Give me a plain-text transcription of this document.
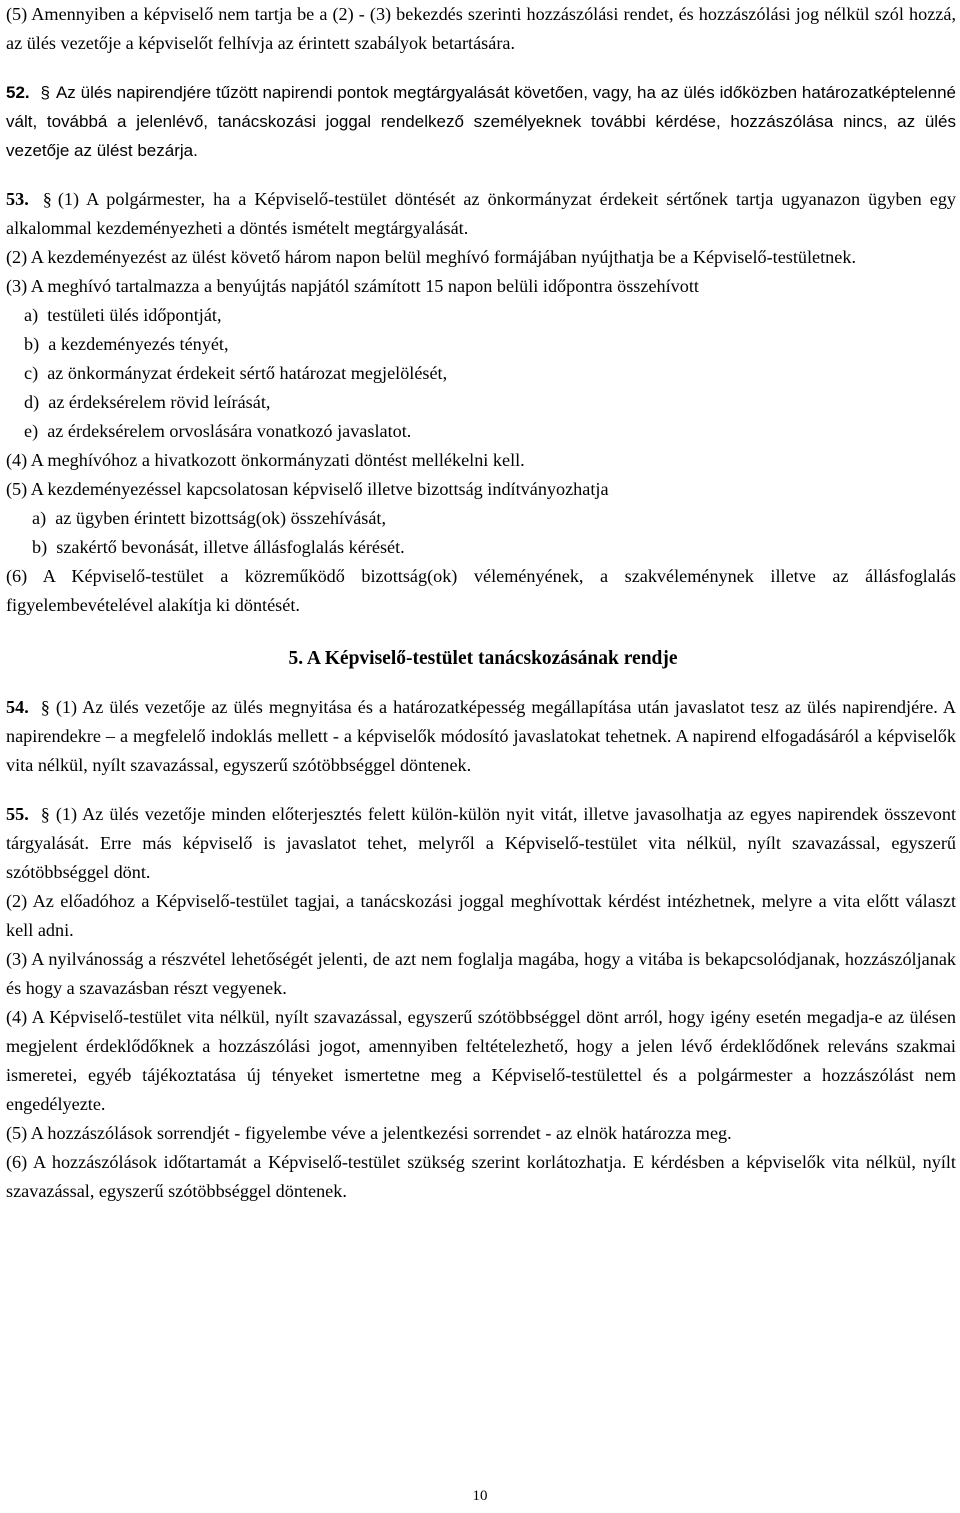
(5) Amennyiben a képviselő nem tartja be a (2) - (3) bekezdés szerinti hozzászólási rendet, és hozzászólási jog nélkül szól hozzá, az ülés vezetője a képviselőt felhívja az érintett szabályok betartására.

52. § Az ülés napirendjére tűzött napirendi pontok megtárgyalását követően, vagy, ha az ülés időközben határozatképtelenné vált, továbbá a jelenlévő, tanácskozási joggal rendelkező személyeknek további kérdése, hozzászólása nincs, az ülés vezetője az ülést bezárja.

53. § (1) A polgármester, ha a Képviselő-testület döntését az önkormányzat érdekeit sértőnek tartja ugyanazon ügyben egy alkalommal kezdeményezheti a döntés ismételt megtárgyalását.

(2) A kezdeményezést az ülést követő három napon belül meghívó formájában nyújthatja be a Képviselő-testületnek.

(3) A meghívó tartalmazza a benyújtás napjától számított 15 napon belüli időpontra összehívott

a)  testületi ülés időpontját,
b)  a kezdeményezés tényét,
c)  az önkormányzat érdekeit sértő határozat megjelölését,
d)  az érdeksérelem rövid leírását,
e)  az érdeksérelem orvoslására vonatkozó javaslatot.

(4) A meghívóhoz a hivatkozott önkormányzati döntést mellékelni kell.

(5) A kezdeményezéssel kapcsolatosan képviselő illetve bizottság indítványozhatja

a)  az ügyben érintett bizottság(ok) összehívását,
b)  szakértő bevonását, illetve állásfoglalás kérését.

(6) A Képviselő-testület a közreműködő bizottság(ok) véleményének, a szakvéleménynek illetve az állásfoglalás figyelembevételével alakítja ki döntését.

5. A Képviselő-testület tanácskozásának rendje

54. § (1) Az ülés vezetője az ülés megnyitása és a határozatképesség megállapítása után javaslatot tesz az ülés napirendjére. A napirendekre – a megfelelő indoklás mellett - a képviselők módosító javaslatokat tehetnek. A napirend elfogadásáról a képviselők vita nélkül, nyílt szavazással, egyszerű szótöbbséggel döntenek.

55. § (1) Az ülés vezetője minden előterjesztés felett külön-külön nyit vitát, illetve javasolhatja az egyes napirendek összevont tárgyalását. Erre más képviselő is javaslatot tehet, melyről a Képviselő-testület vita nélkül, nyílt szavazással, egyszerű szótöbbséggel dönt.

(2) Az előadóhoz a Képviselő-testület tagjai, a tanácskozási joggal meghívottak kérdést intézhetnek, melyre a vita előtt választ kell adni.

(3) A nyilvánosság a részvétel lehetőségét jelenti, de azt nem foglalja magába, hogy a vitába is bekapcsolódjanak, hozzászóljanak és hogy a szavazásban részt vegyenek.

(4) A Képviselő-testület vita nélkül, nyílt szavazással, egyszerű szótöbbséggel dönt arról, hogy igény esetén megadja-e az ülésen megjelent érdeklődőknek a hozzászólási jogot, amennyiben feltételezhető, hogy a jelen lévő érdeklődőnek releváns szakmai ismeretei, egyéb tájékoztatása új tényeket ismertetne meg a Képviselő-testülettel és a polgármester a hozzászólást nem engedélyezte.

(5) A hozzászólások sorrendjét - figyelembe véve a jelentkezési sorrendet - az elnök határozza meg.

(6) A hozzászólások időtartamát a Képviselő-testület szükség szerint korlátozhatja. E kérdésben a képviselők vita nélkül, nyílt szavazással, egyszerű szótöbbséggel döntenek.

10
